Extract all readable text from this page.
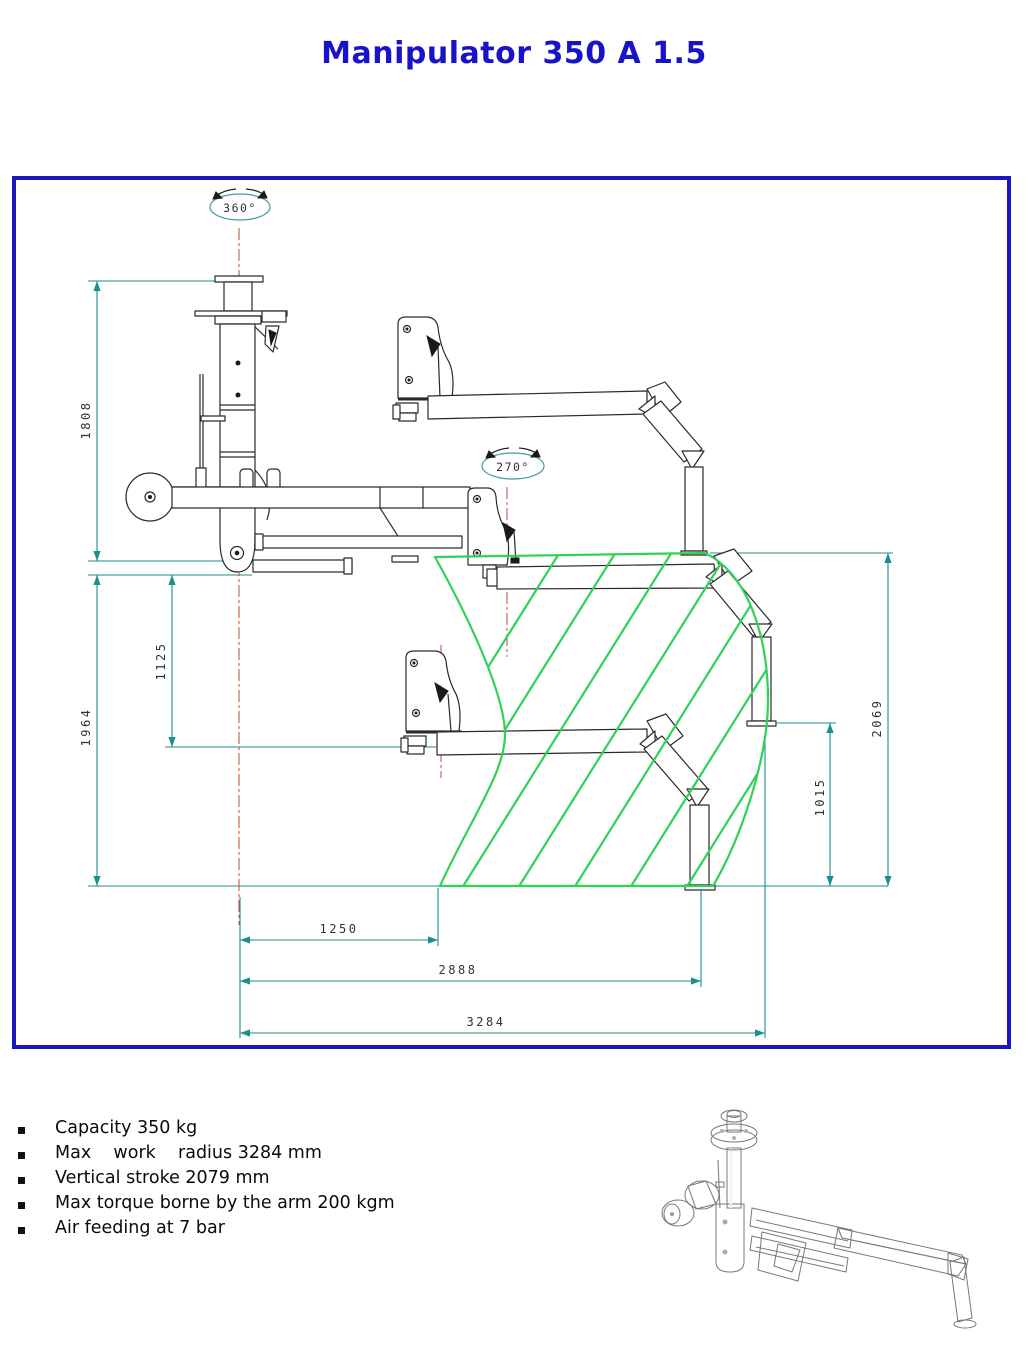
Manipulator 350 A 1.5
360°
270°
1808
1964
1125
2069
1015
1250
2888
3284
Capacity 350 kg
Max    work    radius 3284 mm
Vertical stroke 2079 mm
Max torque borne by the arm 200 kgm
Air feeding at 7 bar
